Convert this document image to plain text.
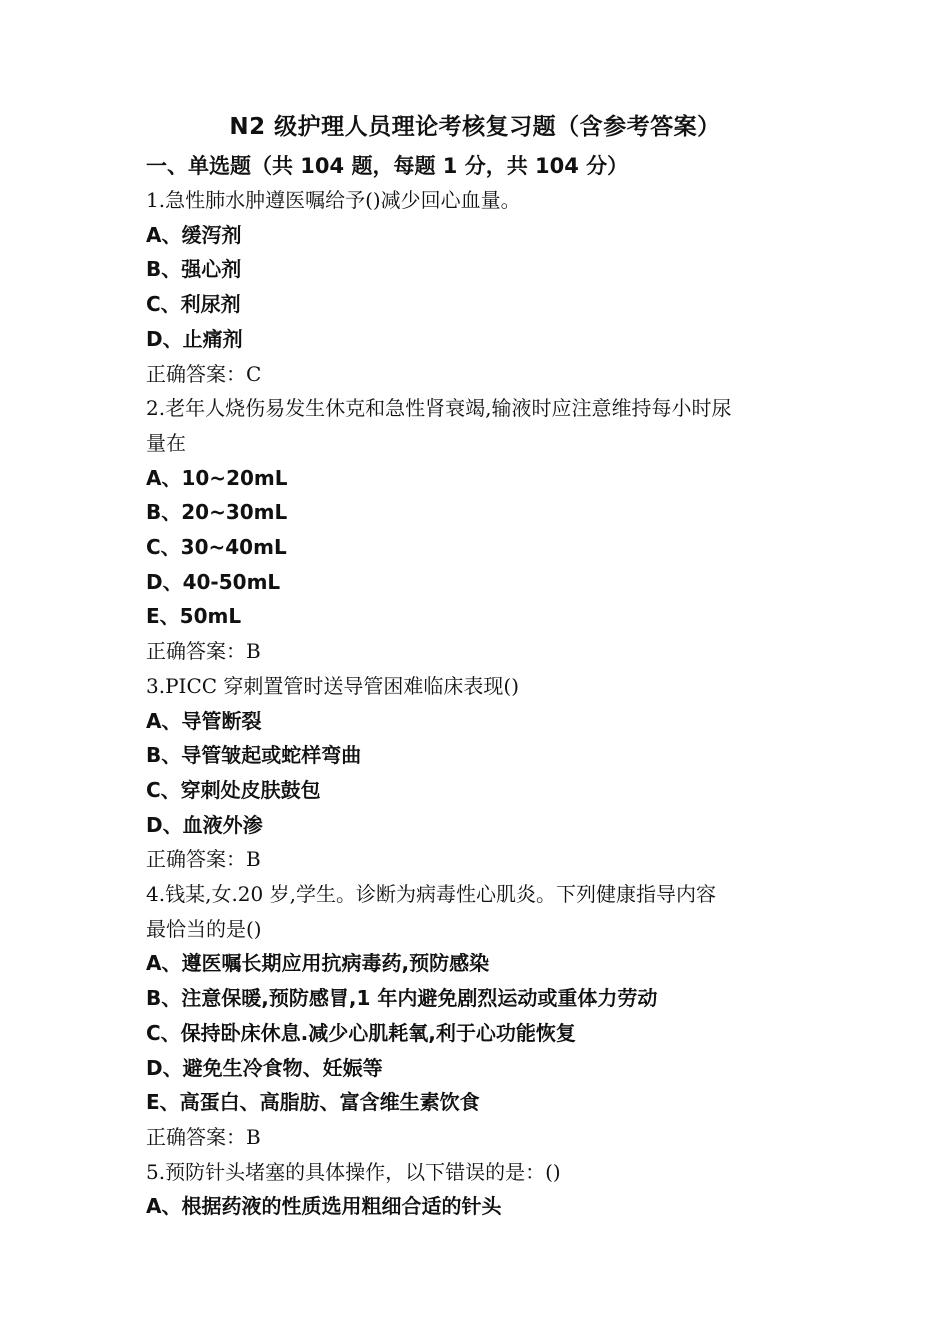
N2 级护理人员理论考核复习题（含参考答案）
一、单选题（共 104 题，每题 1 分，共 104 分）
1.急性肺水肿遵医嘱给予()减少回心血量。
A、缓泻剂
B、强心剂
C、利尿剂
D、止痛剂
正确答案：C
2.老年人烧伤易发生休克和急性肾衰竭,输液时应注意维持每小时尿
量在
A、10~20mL
B、20~30mL
C、30~40mL
D、40-50mL
E、50mL
正确答案：B
3.PICC 穿刺置管时送导管困难临床表现()
A、导管断裂
B、导管皱起或蛇样弯曲
C、穿刺处皮肤鼓包
D、血液外渗
正确答案：B
4.钱某,女.20 岁,学生。诊断为病毒性心肌炎。下列健康指导内容
最恰当的是()
A、遵医嘱长期应用抗病毒药,预防感染
B、注意保暖,预防感冒,1 年内避免剧烈运动或重体力劳动
C、保持卧床休息.减少心肌耗氧,利于心功能恢复
D、避免生冷食物、妊娠等
E、高蛋白、高脂肪、富含维生素饮食
正确答案：B
5.预防针头堵塞的具体操作，以下错误的是：()
A、根据药液的性质选用粗细合适的针头
